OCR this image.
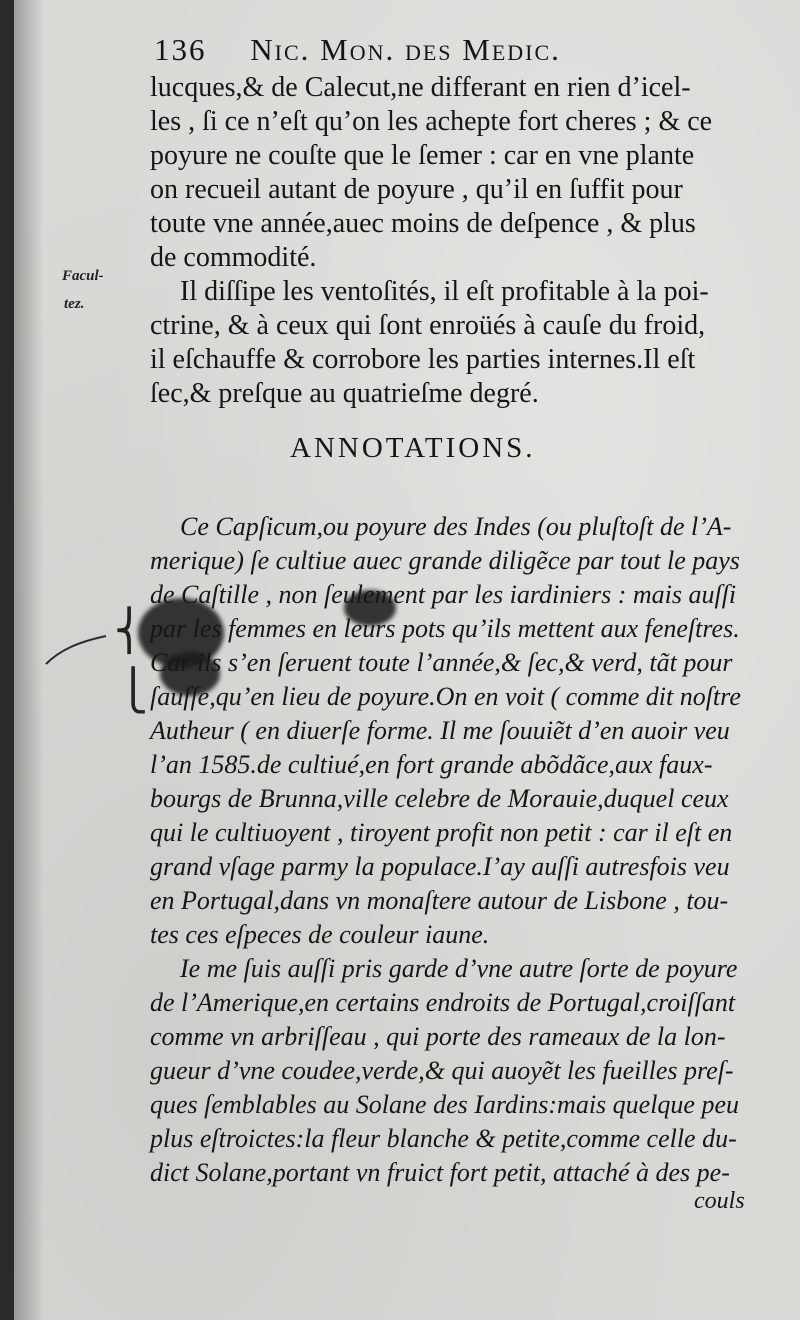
136 Nic. Mon. des Medic.
Facul-
tez.
lucques,& de Calecut,ne differant en rien d’icel-
les , ſi ce n’eſt qu’on les achepte fort cheres ; & ce
poyure ne couſte que le ſemer : car en vne plante
on recueil autant de poyure , qu’il en ſuffit pour
toute vne année,auec moins de deſpence , & plus
de commodité.
Il diſſipe les ventoſités, il eſt profitable à la poi-
ctrine, & à ceux qui ſont enroüés à cauſe du froid,
il eſchauffe & corrobore les parties internes.Il eſt
ſec,& preſque au quatrieſme degré.
ANNOTATIONS.
⎨
⎩
Ce Capſicum,ou poyure des Indes (ou pluſtoſt de l’A-
merique) ſe cultiue auec grande diligẽce par tout le pays
de Caſtille , non ſeulement par les iardiniers : mais auſſi
par les femmes en leurs pots qu’ils mettent aux feneſtres.
Car ils s’en ſeruent toute l’année,& ſec,& verd, tãt pour
ſauſſe,qu’en lieu de poyure.On en voit ( comme dit noſtre
Autheur ( en diuerſe forme. Il me ſouuiẽt d’en auoir veu
l’an 1585.de cultiué,en fort grande abõdãce,aux faux-
bourgs de Brunna,ville celebre de Morauie,duquel ceux
qui le cultiuoyent , tiroyent profit non petit : car il eſt en
grand vſage parmy la populace.I’ay auſſi autresfois veu
en Portugal,dans vn monaſtere autour de Lisbone , tou-
tes ces eſpeces de couleur iaune.
Ie me ſuis auſſi pris garde d’vne autre ſorte de poyure
de l’Amerique,en certains endroits de Portugal,croiſſant
comme vn arbriſſeau , qui porte des rameaux de la lon-
gueur d’vne coudee,verde,& qui auoyẽt les fueilles preſ-
ques ſemblables au Solane des Iardins:mais quelque peu
plus eſtroictes:la fleur blanche & petite,comme celle du-
dict Solane,portant vn fruict fort petit, attaché à des pe-
couls
